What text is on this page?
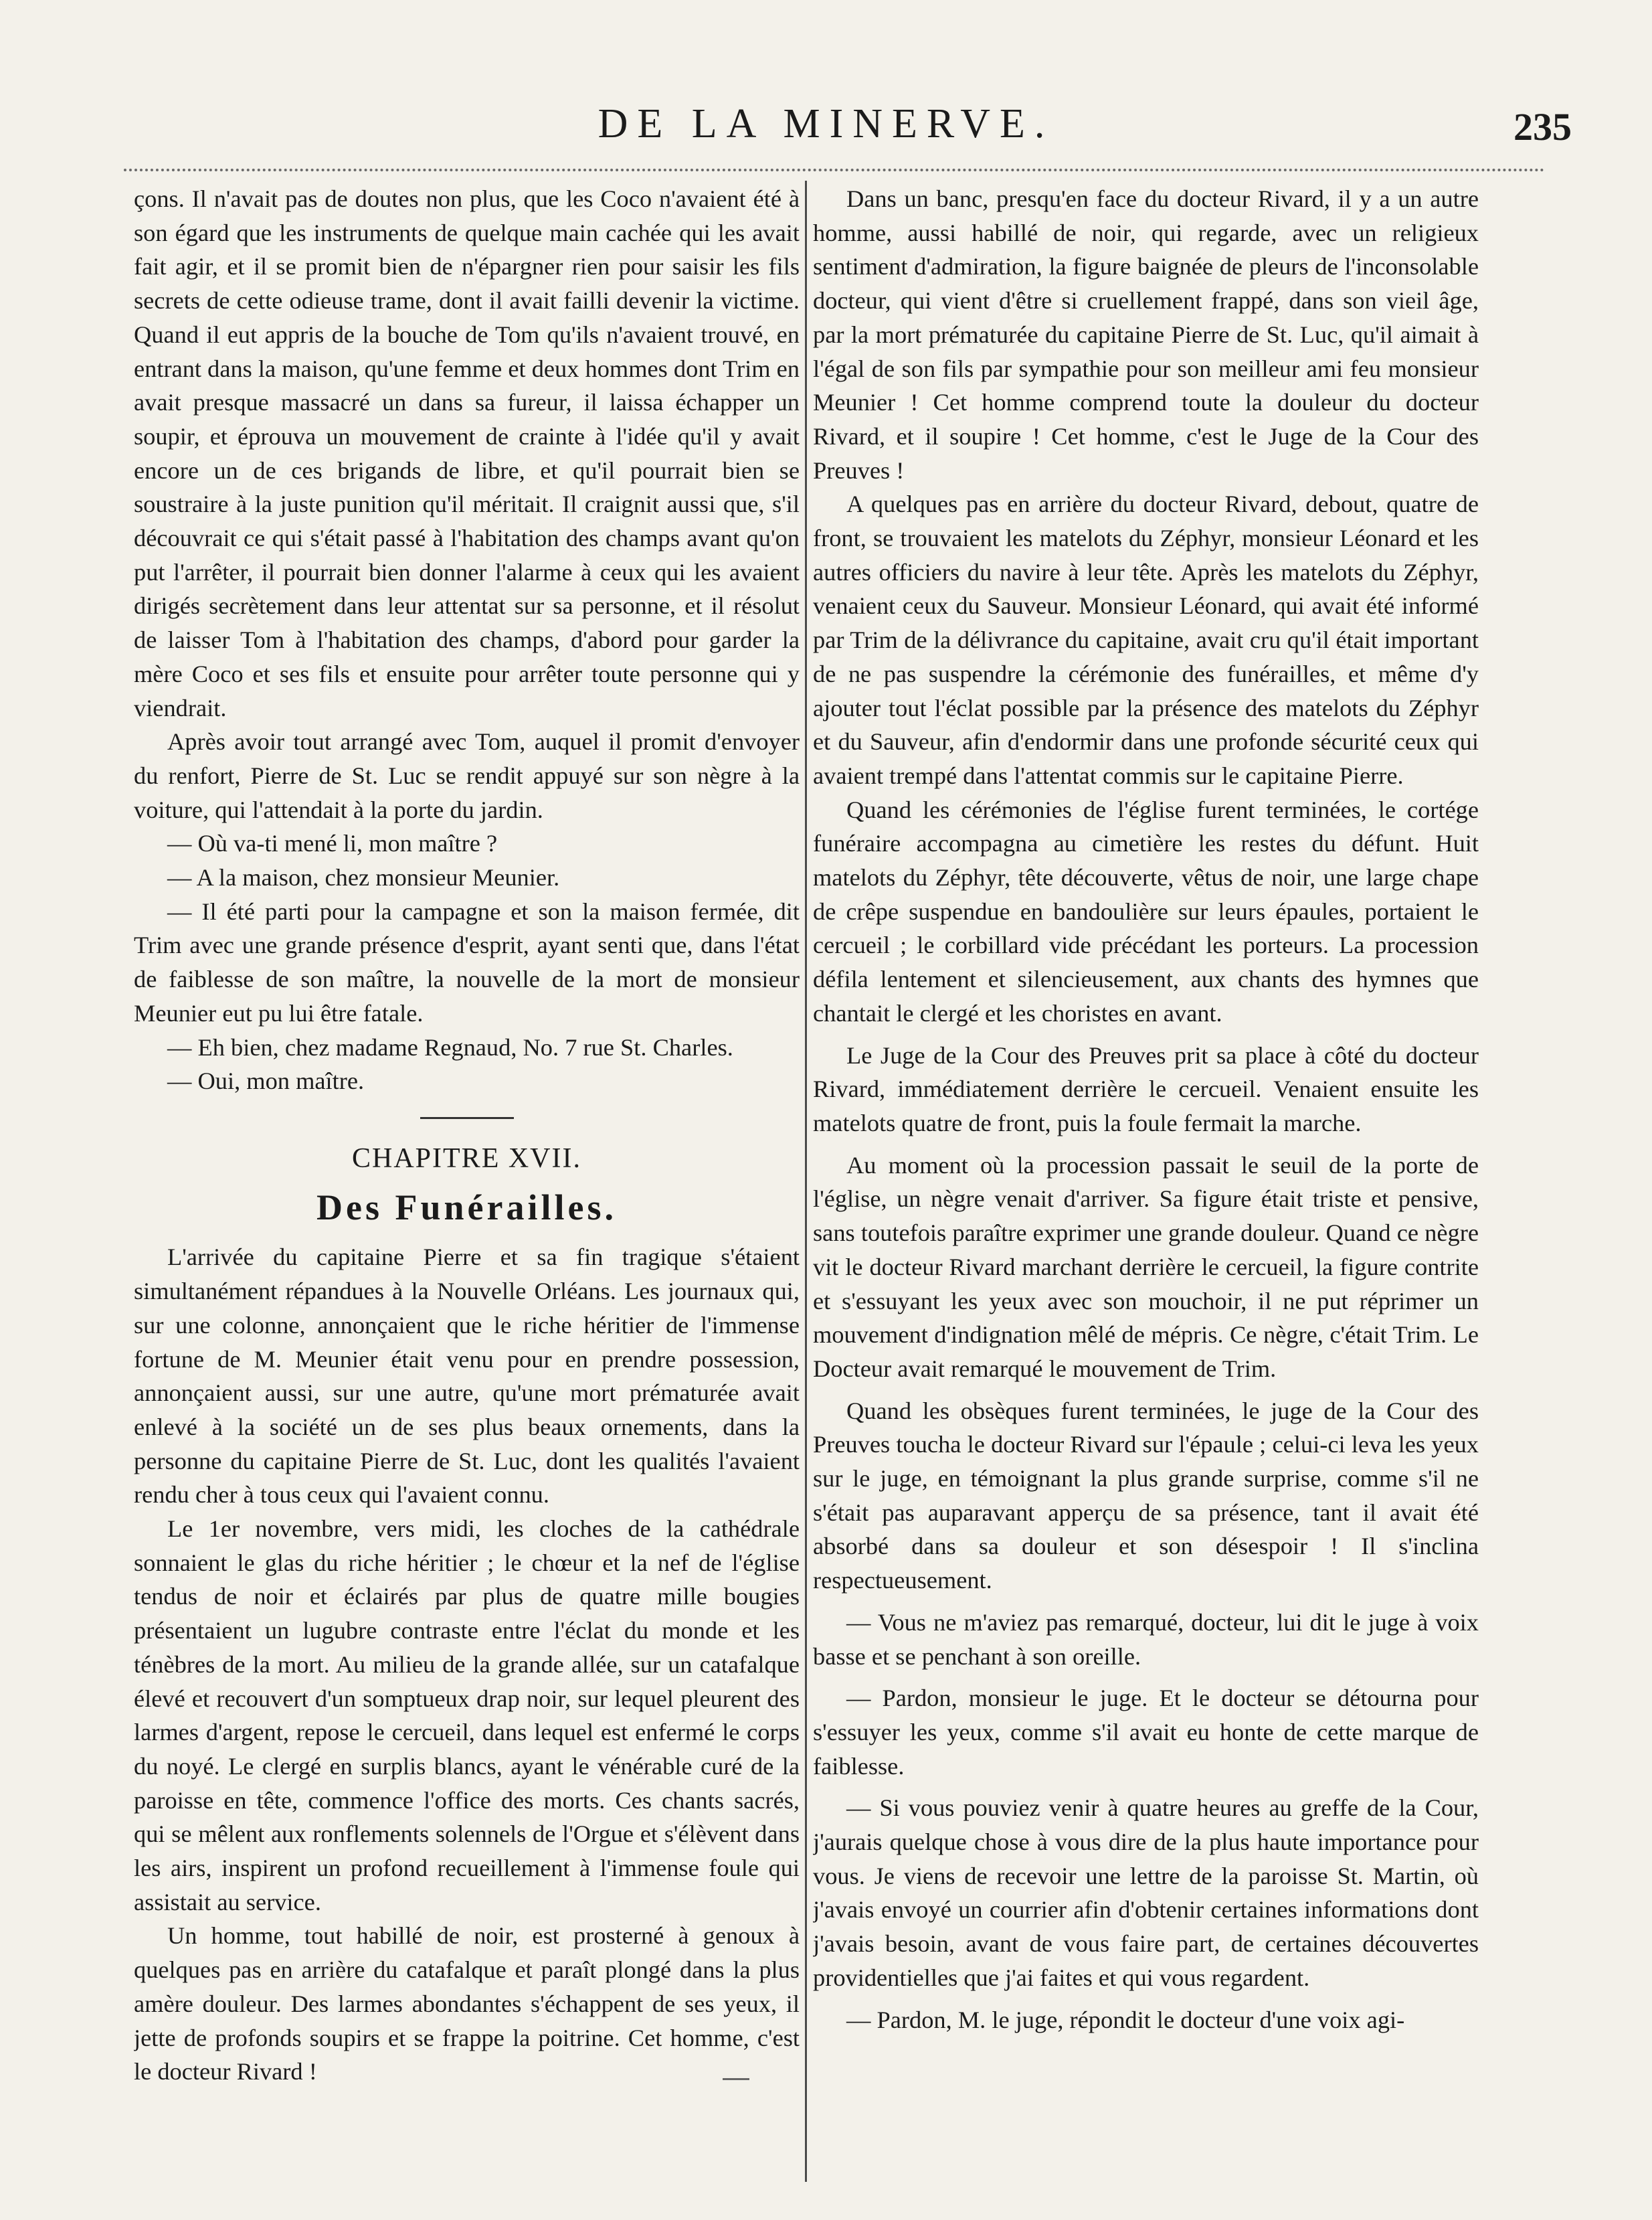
DE LA MINERVE.	235

çons. Il n'avait pas de doutes non plus, que les Coco n'avaient été à son égard que les instruments de quelque main cachée qui les avait fait agir, et il se promit bien de n'épargner rien pour saisir les fils secrets de cette odieuse trame, dont il avait failli devenir la victime. Quand il eut appris de la bouche de Tom qu'ils n'avaient trouvé, en entrant dans la maison, qu'une femme et deux hommes dont Trim en avait presque massacré un dans sa fureur, il laissa échapper un soupir, et éprouva un mouvement de crainte à l'idée qu'il y avait encore un de ces brigands de libre, et qu'il pourrait bien se soustraire à la juste punition qu'il méritait. Il craignit aussi que, s'il découvrait ce qui s'était passé à l'habitation des champs avant qu'on put l'arrêter, il pourrait bien donner l'alarme à ceux qui les avaient dirigés secrètement dans leur attentat sur sa personne, et il résolut de laisser Tom à l'habitation des champs, d'abord pour garder la mère Coco et ses fils et ensuite pour arrêter toute personne qui y viendrait.

Après avoir tout arrangé avec Tom, auquel il promit d'envoyer du renfort, Pierre de St. Luc se rendit appuyé sur son nègre à la voiture, qui l'attendait à la porte du jardin.

— Où va-ti mené li, mon maître ?

— A la maison, chez monsieur Meunier.

— Il été parti pour la campagne et son la maison fermée, dit Trim avec une grande présence d'esprit, ayant senti que, dans l'état de faiblesse de son maître, la nouvelle de la mort de monsieur Meunier eut pu lui être fatale.

— Eh bien, chez madame Regnaud, No. 7 rue St. Charles.

— Oui, mon maître.

CHAPITRE XVII.
Des Funérailles.

L'arrivée du capitaine Pierre et sa fin tragique s'étaient simultanément répandues à la Nouvelle Orléans. Les journaux qui, sur une colonne, annonçaient que le riche héritier de l'immense fortune de M. Meunier était venu pour en prendre possession, annonçaient aussi, sur une autre, qu'une mort prématurée avait enlevé à la société un de ses plus beaux ornements, dans la personne du capitaine Pierre de St. Luc, dont les qualités l'avaient rendu cher à tous ceux qui l'avaient connu.

Le 1er novembre, vers midi, les cloches de la cathédrale sonnaient le glas du riche héritier ; le chœur et la nef de l'église tendus de noir et éclairés par plus de quatre mille bougies présentaient un lugubre contraste entre l'éclat du monde et les ténèbres de la mort. Au milieu de la grande allée, sur un catafalque élevé et recouvert d'un somptueux drap noir, sur lequel pleurent des larmes d'argent, repose le cercueil, dans lequel est enfermé le corps du noyé. Le clergé en surplis blancs, ayant le vénérable curé de la paroisse en tête, commence l'office des morts. Ces chants sacrés, qui se mêlent aux ronflements solennels de l'Orgue et s'élèvent dans les airs, inspirent un profond recueillement à l'immense foule qui assistait au service.

Un homme, tout habillé de noir, est prosterné à genoux à quelques pas en arrière du catafalque et paraît plongé dans la plus amère douleur. Des larmes abondantes s'échappent de ses yeux, il jette de profonds soupirs et se frappe la poitrine. Cet homme, c'est le docteur Rivard !

Dans un banc, presqu'en face du docteur Rivard, il y a un autre homme, aussi habillé de noir, qui regarde, avec un religieux sentiment d'admiration, la figure baignée de pleurs de l'inconsolable docteur, qui vient d'être si cruellement frappé, dans son vieil âge, par la mort prématurée du capitaine Pierre de St. Luc, qu'il aimait à l'égal de son fils par sympathie pour son meilleur ami feu monsieur Meunier ! Cet homme comprend toute la douleur du docteur Rivard, et il soupire ! Cet homme, c'est le Juge de la Cour des Preuves !

A quelques pas en arrière du docteur Rivard, debout, quatre de front, se trouvaient les matelots du Zéphyr, monsieur Léonard et les autres officiers du navire à leur tête. Après les matelots du Zéphyr, venaient ceux du Sauveur. Monsieur Léonard, qui avait été informé par Trim de la délivrance du capitaine, avait cru qu'il était important de ne pas suspendre la cérémonie des funérailles, et même d'y ajouter tout l'éclat possible par la présence des matelots du Zéphyr et du Sauveur, afin d'endormir dans une profonde sécurité ceux qui avaient trempé dans l'attentat commis sur le capitaine Pierre.

Quand les cérémonies de l'église furent terminées, le cortége funéraire accompagna au cimetière les restes du défunt. Huit matelots du Zéphyr, tête découverte, vêtus de noir, une large chape de crêpe suspendue en bandoulière sur leurs épaules, portaient le cercueil ; le corbillard vide précédant les porteurs. La procession défila lentement et silencieusement, aux chants des hymnes que chantait le clergé et les choristes en avant.

Le Juge de la Cour des Preuves prit sa place à côté du docteur Rivard, immédiatement derrière le cercueil. Venaient ensuite les matelots quatre de front, puis la foule fermait la marche.

Au moment où la procession passait le seuil de la porte de l'église, un nègre venait d'arriver. Sa figure était triste et pensive, sans toutefois paraître exprimer une grande douleur. Quand ce nègre vit le docteur Rivard marchant derrière le cercueil, la figure contrite et s'essuyant les yeux avec son mouchoir, il ne put réprimer un mouvement d'indignation mêlé de mépris. Ce nègre, c'était Trim. Le Docteur avait remarqué le mouvement de Trim.

Quand les obsèques furent terminées, le juge de la Cour des Preuves toucha le docteur Rivard sur l'épaule ; celui-ci leva les yeux sur le juge, en témoignant la plus grande surprise, comme s'il ne s'était pas auparavant apperçu de sa présence, tant il avait été absorbé dans sa douleur et son désespoir ! Il s'inclina respectueusement.

— Vous ne m'aviez pas remarqué, docteur, lui dit le juge à voix basse et se penchant à son oreille.

— Pardon, monsieur le juge. Et le docteur se détourna pour s'essuyer les yeux, comme s'il avait eu honte de cette marque de faiblesse.

— Si vous pouviez venir à quatre heures au greffe de la Cour, j'aurais quelque chose à vous dire de la plus haute importance pour vous. Je viens de recevoir une lettre de la paroisse St. Martin, où j'avais envoyé un courrier afin d'obtenir certaines informations dont j'avais besoin, avant de vous faire part, de certaines découvertes providentielles que j'ai faites et qui vous regardent.

— Pardon, M. le juge, répondit le docteur d'une voix agi-
